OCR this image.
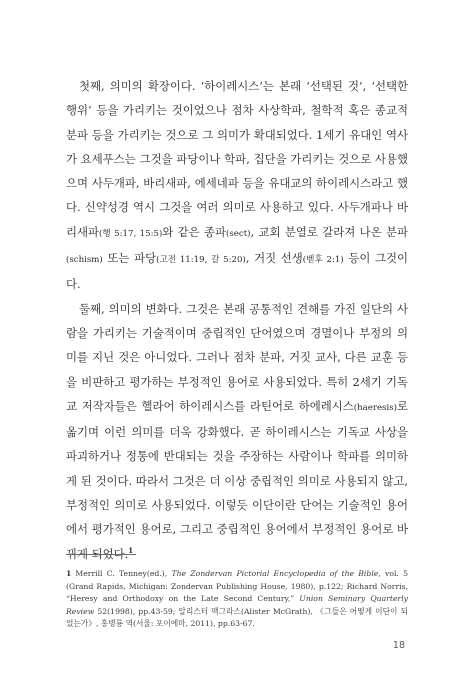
첫째, 의미의 확장이다. ‘하이레시스’는 본래 ‘선택된 것’, ‘선택한 행위’ 등을 가리키는 것이었으나 점차 사상학파, 철학적 혹은 종교적 분파 등을 가리키는 것으로 그 의미가 확대되었다. 1세기 유대인 역사가 요세푸스는 그것을 파당이나 학파, 집단을 가리키는 것으로 사용했으며 사두개파, 바리새파, 에세네파 등을 유대교의 하이레시스라고 했다. 신약성경 역시 그것을 여러 의미로 사용하고 있다. 사두개파나 바리새파(행 5:17, 15:5)와 같은 종파(sect), 교회 분열로 갈라져 나온 분파(schism) 또는 파당(고전 11:19, 갈 5:20), 거짓 선생(벧후 2:1) 등이 그것이다.

둘째, 의미의 변화다. 그것은 본래 공통적인 견해를 가진 일단의 사람을 가리키는 기술적이며 중립적인 단어였으며 경멸이나 부정의 의미를 지닌 것은 아니었다. 그러나 점차 분파, 거짓 교사, 다른 교훈 등을 비판하고 평가하는 부정적인 용어로 사용되었다. 특히 2세기 기독교 저작자들은 헬라어 하이레시스를 라틴어로 하에레시스(haeresis)로 옮기며 이런 의미를 더욱 강화했다. 곧 하이레시스는 기독교 사상을 파괴하거나 정통에 반대되는 것을 주장하는 사람이나 학파를 의미하게 된 것이다. 따라서 그것은 더 이상 중립적인 의미로 사용되지 않고, 부정적인 의미로 사용되었다. 이렇듯 이단이란 단어는 기술적인 용어에서 평가적인 용어로, 그리고 중립적인 용어에서 부정적인 용어로 바뀌게 되었다.$^1$

1 Merrill C. Tenney(ed.), The Zondervan Pictorial Encyclopedia of the Bible, vol. 5 (Grand Rapids, Michigan: Zondervan Publishing House, 1980), p.122; Richard Norris, “Heresy and Orthodoxy on the Late Second Century,” Union Seminary Quarterly Review 52(1998), pp.43-59; 알리스터 맥그라스(Alister McGrath), 《그들은 어떻게 이단이 되었는가》, 홍병룡 역(서울: 포이에마, 2011), pp.63-67.
18
